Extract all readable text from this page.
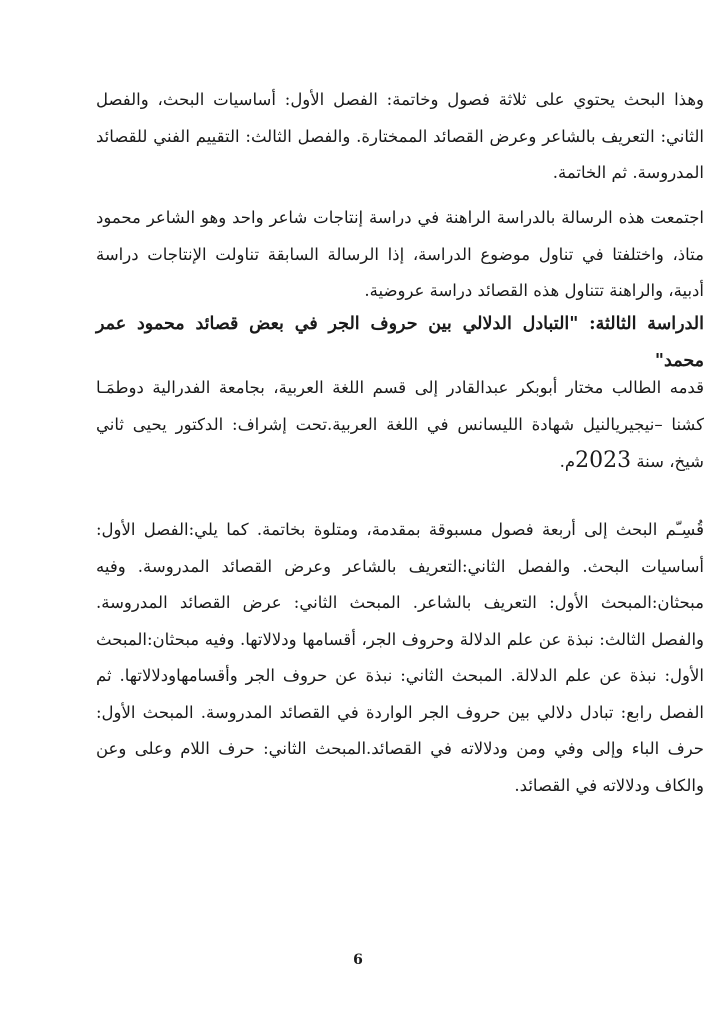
وهذا البحث يحتوي على ثلاثة فصول وخاتمة: الفصل الأول: أساسيات البحث، والفصل الثاني: التعريف بالشاعر وعرض القصائد الممختارة. والفصل الثالث: التقييم الفني للقصائد المدروسة. ثم الخاتمة.

اجتمعت هذه الرسالة بالدراسة الراهنة في دراسة إنتاجات شاعر واحد وهو الشاعر محمود متاذ، واختلفتا في تناول موضوع الدراسة، إذا الرسالة السابقة تناولت الإنتاجات دراسة أدبية، والراهنة تتناول هذه القصائد دراسة عروضية.

الدراسة الثالثة: "التبادل الدلالي بين حروف الجر في بعض قصائد محمود عمر محمد"

قدمه الطالب مختار أبوبكر عبدالقادر إلى قسم اللغة العربية، بجامعة الفدرالية دوطمَـا كشنا –نيجيريالنيل شهادة الليسانس في اللغة العربية.تحت إشراف: الدكتور يحيى ثاني شيخ، سنة 2023م.

قُسِـّم البحث إلى أربعة فصول مسبوقة بمقدمة، ومتلوة بخاتمة. كما يلي:الفصل الأول: أساسيات البحث. والفصل الثاني:التعريف بالشاعر وعرض القصائد المدروسة. وفيه مبحثان:المبحث الأول: التعريف بالشاعر. المبحث الثاني: عرض القصائد المدروسة. والفصل الثالث: نبذة عن علم الدلالة وحروف الجر، أقسامها ودلالاتها. وفيه مبحثان:المبحث الأول: نبذة عن علم الدلالة. المبحث الثاني: نبذة عن حروف الجر وأقسامهاودلالاتها. ثم الفصل رابع: تبادل دلالي بين حروف الجر الواردة في القصائد المدروسة. المبحث الأول: حرف الباء وإلى وفي ومن ودلالاته في القصائد.المبحث الثاني: حرف اللام وعلى وعن والكاف ودلالاته في القصائد.

6
